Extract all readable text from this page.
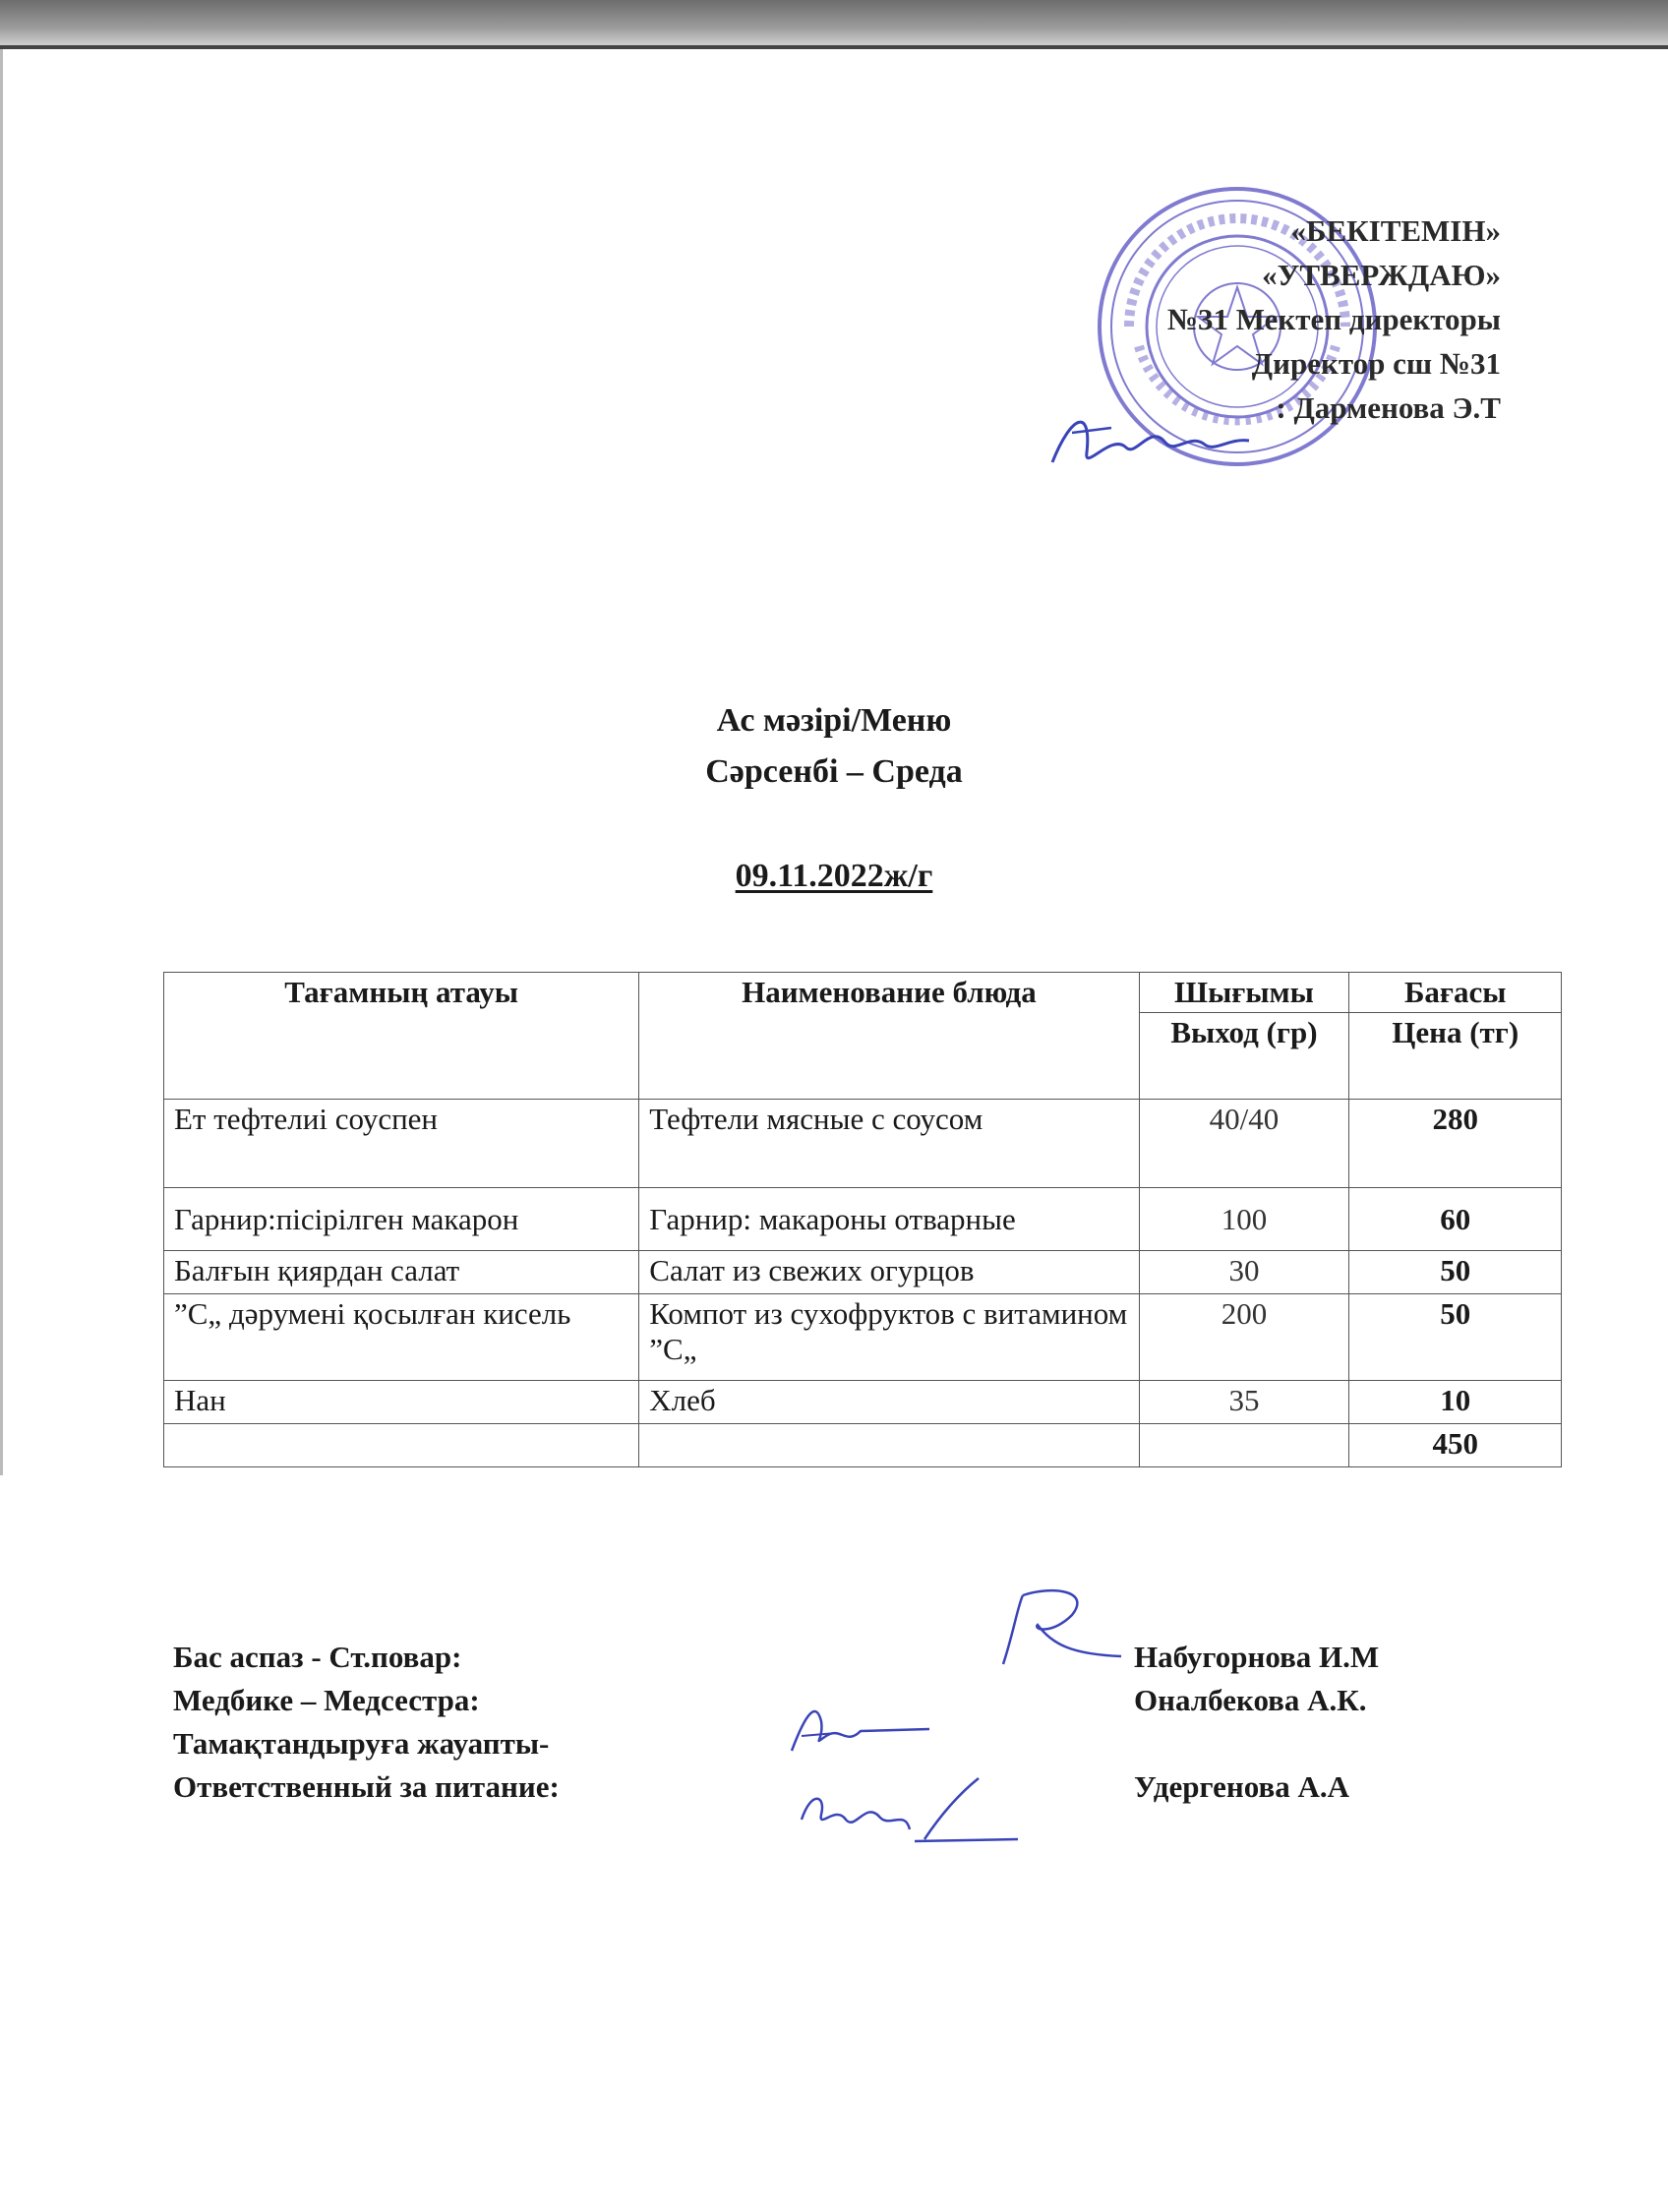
«БЕКІТЕМІН»
«УТВЕРЖДАЮ»
№31 Мектеп директоры
Директор сш №31
: Дарменова Э.Т
Ас мәзірі/Меню
Сәрсенбі – Среда
09.11.2022ж/г
Тағамның атауы	Наименование блюда	Шығымы	Бағасы
		Выход (гр)	Цена (тг)
Ет тефтелиі соуспен	Тефтели мясные с соусом	40/40	280
Гарнир:пісірілген макарон	Гарнир: макароны отварные	100	60
Балғын қиярдан салат	Салат из свежих огурцов	30	50
”С„ дәрумені қосылған кисель	Компот из сухофруктов с витамином ”С„	200	50
Нан	Хлеб	35	10
			450
Бас аспаз - Ст.повар:
Медбике – Медсестра:
Тамақтандыруға жауапты-
Ответственный за питание:
Набугорнова И.М
Оналбекова А.К.

Удергенова А.А
